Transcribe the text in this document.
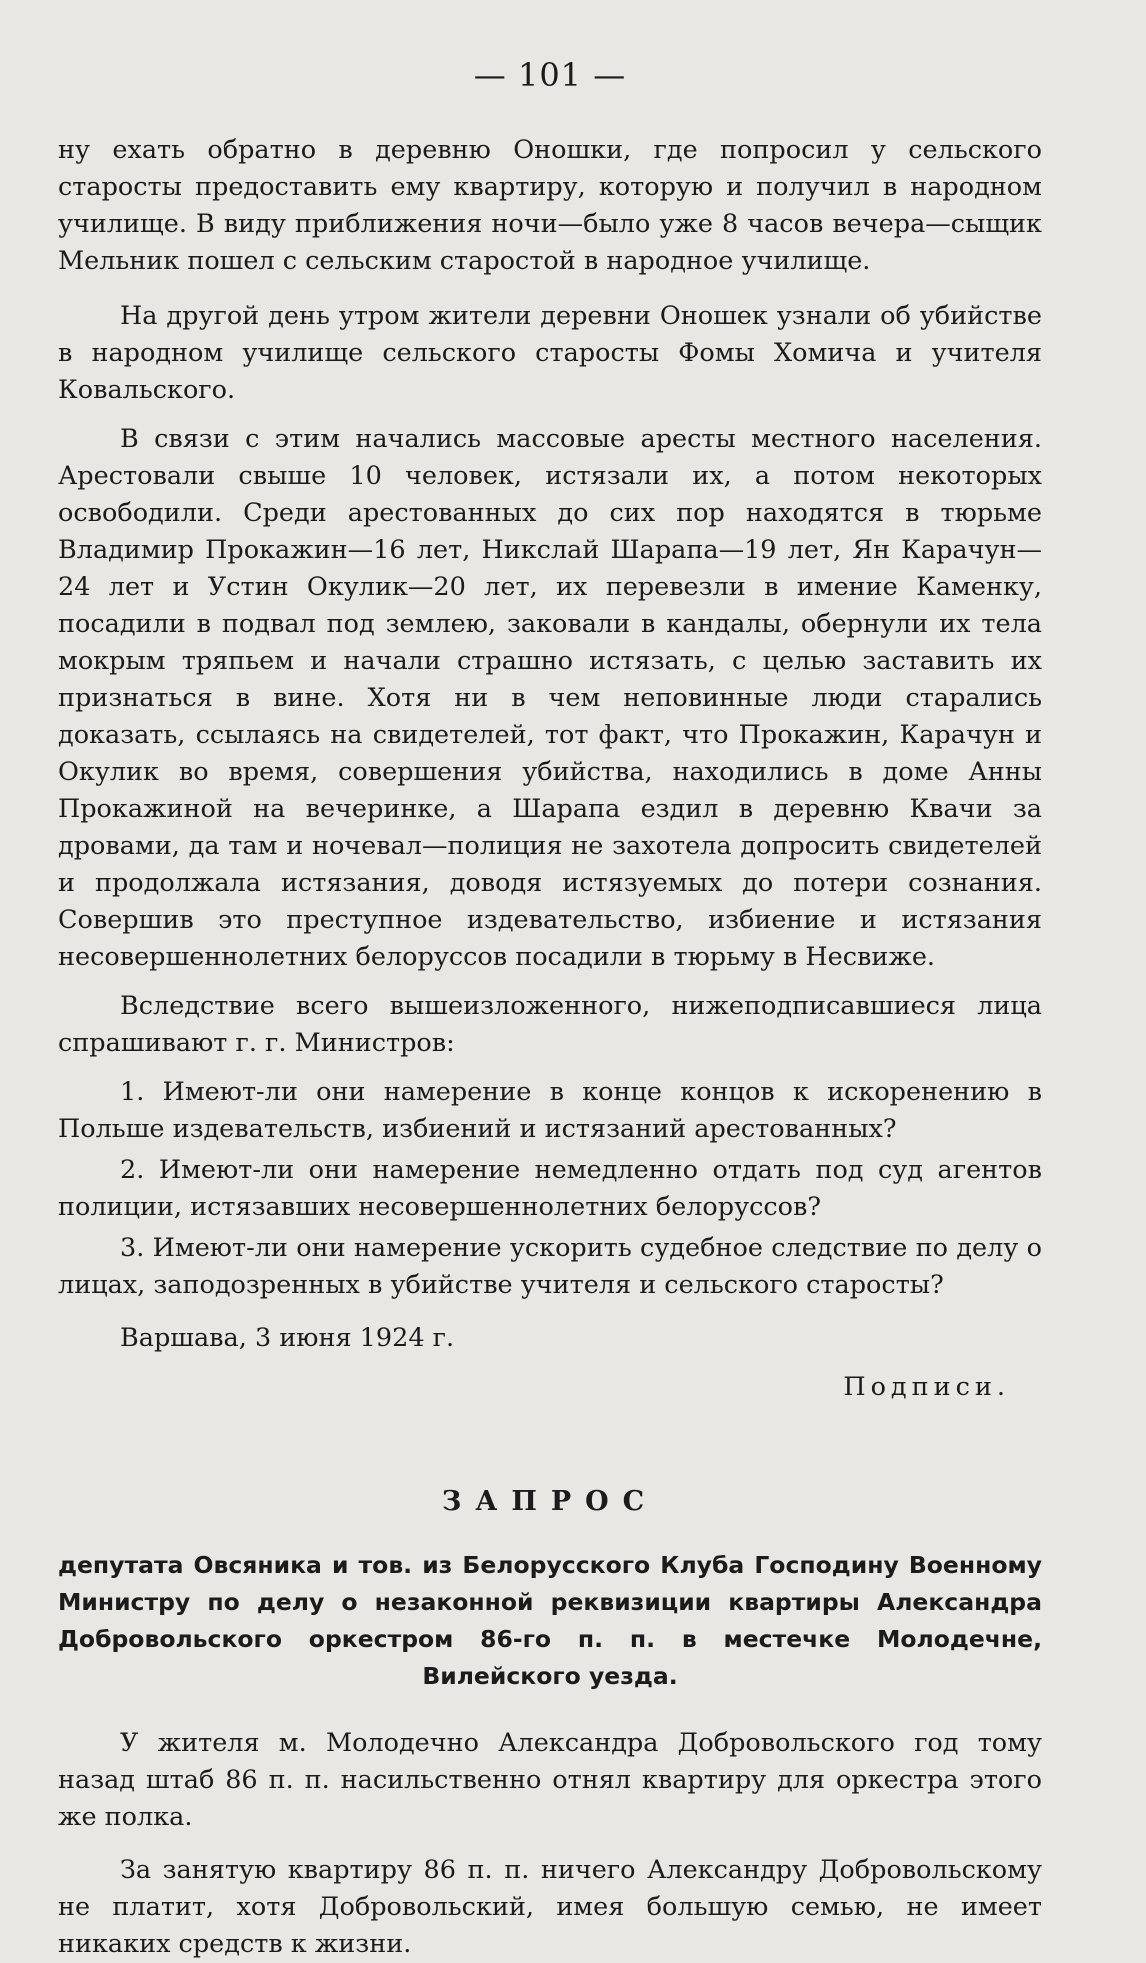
— 101 —

ну ехать обратно в деревню Оношки, где попросил у сельского старосты предоставить ему квартиру, которую и получил в народном училище. В виду приближения ночи—было уже 8 часов вечера—сыщик Мельник пошел с сельским старостой в народное училище.

На другой день утром жители деревни Оношек узнали об убийстве в народном училище сельского старосты Фомы Хомича и учителя Ковальского.

В связи с этим начались массовые аресты местного населения. Арестовали свыше 10 человек, истязали их, а потом некоторых освободили. Среди арестованных до сих пор находятся в тюрьме Владимир Прокажин—16 лет, Никслай Шарапа—19 лет, Ян Карачун—24 лет и Устин Окулик—20 лет, их перевезли в имение Каменку, посадили в подвал под землею, заковали в кандалы, обернули их тела мокрым тряпьем и начали страшно истязать, с целью заставить их признаться в вине. Хотя ни в чем неповинные люди старались доказать, ссылаясь на свидетелей, тот факт, что Прокажин, Карачун и Окулик во время, совершения убийства, находились в доме Анны Прокажиной на вечеринке, а Шарапа ездил в деревню Квачи за дровами, да там и ночевал—полиция не захотела допросить свидетелей и продолжала истязания, доводя истязуемых до потери сознания. Совершив это преступное издевательство, избиение и истязания несовершеннолетних белоруссов посадили в тюрьму в Несвиже.

Вследствие всего вышеизложенного, нижеподписавшиеся лица спрашивают г. г. Министров:

1. Имеют-ли они намерение в конце концов к искоренению в Польше издевательств, избиений и истязаний арестованных?

2. Имеют-ли они намерение немедленно отдать под суд агентов полиции, истязавших несовершеннолетних белоруссов?

3. Имеют-ли они намерение ускорить судебное следствие по делу о лицах, заподозренных в убийстве учителя и сельского старосты?

Варшава, 3 июня 1924 г.

Подписи.

ЗАПРОС
депутата Овсяника и тов. из Белорусского Клуба Господину Военному Министру по делу о незаконной реквизиции квартиры Александра Добровольского оркестром 86-го п. п. в местечке Молодечне, Вилейского уезда.

У жителя м. Молодечно Александра Добровольского год тому назад штаб 86 п. п. насильственно отнял квартиру для оркестра этого же полка.

За занятую квартиру 86 п. п. ничего Александру Добровольскому не платит, хотя Добровольский, имея большую семью, не имеет никаких средств к жизни.
